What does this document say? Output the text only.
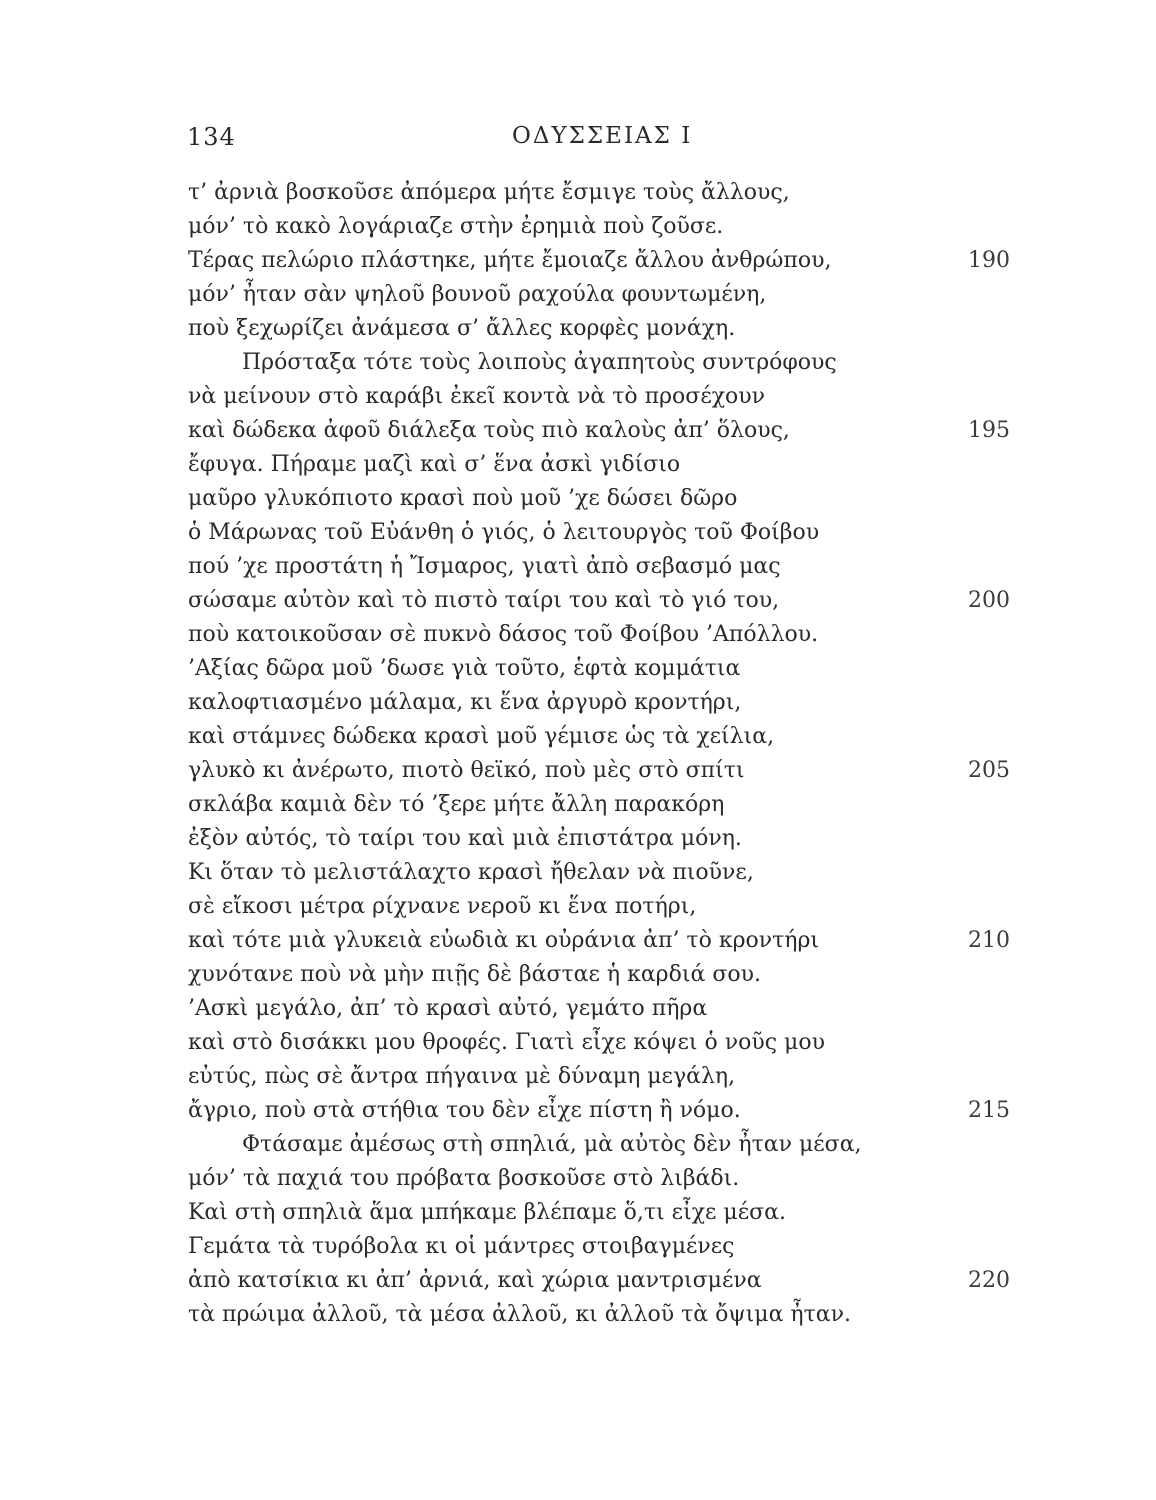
134	ΟΔΥΣΣΕΙΑΣ Ι
τ’ ἀρνιὰ βοσκοῦσε ἀπόμερα μήτε ἔσμιγε τοὺς ἄλλους,
μόν’ τὸ κακὸ λογάριαζε στὴν ἐρημιὰ ποὺ ζοῦσε.
Τέρας πελώριο πλάστηκε, μήτε ἔμοιαζε ἄλλου ἀνθρώπου,	190
μόν’ ἦταν σὰν ψηλοῦ βουνοῦ ραχούλα φουντωμένη,
ποὺ ξεχωρίζει ἀνάμεσα σ’ ἄλλες κορφὲς μονάχη.
Πρόσταξα τότε τοὺς λοιποὺς ἀγαπητοὺς συντρόφους
νὰ μείνουν στὸ καράβι ἐκεῖ κοντὰ νὰ τὸ προσέχουν
καὶ δώδεκα ἀφοῦ διάλεξα τοὺς πιὸ καλοὺς ἀπ’ ὅλους,	195
ἔφυγα. Πήραμε μαζὶ καὶ σ’ ἕνα ἀσκὶ γιδίσιο
μαῦρο γλυκόπιοτο κρασὶ ποὺ μοῦ ’χε δώσει δῶρο
ὁ Μάρωνας τοῦ Εὐάνθη ὁ γιός, ὁ λειτουργὸς τοῦ Φοίβου
πού ’χε προστάτη ἡ Ἴσμαρος, γιατὶ ἀπὸ σεβασμό μας
σώσαμε αὐτὸν καὶ τὸ πιστὸ ταίρι του καὶ τὸ γιό του,	200
ποὺ κατοικοῦσαν σὲ πυκνὸ δάσος τοῦ Φοίβου ’Απόλλου.
’Αξίας δῶρα μοῦ ’δωσε γιὰ τοῦτο, ἑφτὰ κομμάτια
καλοφτιασμένο μάλαμα, κι ἕνα ἀργυρὸ κροντήρι,
καὶ στάμνες δώδεκα κρασὶ μοῦ γέμισε ὡς τὰ χείλια,
γλυκὸ κι ἀνέρωτο, πιοτὸ θεϊκό, ποὺ μὲς στὸ σπίτι	205
σκλάβα καμιὰ δὲν τό ’ξερε μήτε ἄλλη παρακόρη
ἐξὸν αὐτός, τὸ ταίρι του καὶ μιὰ ἐπιστάτρα μόνη.
Κι ὅταν τὸ μελιστάλαχτο κρασὶ ἤθελαν νὰ πιοῦνε,
σὲ εἴκοσι μέτρα ρίχνανε νεροῦ κι ἕνα ποτήρι,
καὶ τότε μιὰ γλυκειὰ εὐωδιὰ κι οὐράνια ἀπ’ τὸ κροντήρι	210
χυνότανε ποὺ νὰ μὴν πιῇς δὲ βάσταε ἡ καρδιά σου.
’Ασκὶ μεγάλο, ἀπ’ τὸ κρασὶ αὐτό, γεμάτο πῆρα
καὶ στὸ δισάκκι μου θροφές. Γιατὶ εἶχε κόψει ὁ νοῦς μου
εὐτύς, πὼς σὲ ἄντρα πήγαινα μὲ δύναμη μεγάλη,
ἄγριο, ποὺ στὰ στήθια του δὲν εἶχε πίστη ἢ νόμο.	215
Φτάσαμε ἀμέσως στὴ σπηλιά, μὰ αὐτὸς δὲν ἦταν μέσα,
μόν’ τὰ παχιά του πρόβατα βοσκοῦσε στὸ λιβάδι.
Καὶ στὴ σπηλιὰ ἅμα μπήκαμε βλέπαμε ὅ,τι εἶχε μέσα.
Γεμάτα τὰ τυρόβολα κι οἱ μάντρες στοιβαγμένες
ἀπὸ κατσίκια κι ἀπ’ ἀρνιά, καὶ χώρια μαντρισμένα	220
τὰ πρώιμα ἀλλοῦ, τὰ μέσα ἀλλοῦ, κι ἀλλοῦ τὰ ὄψιμα ἦταν.
